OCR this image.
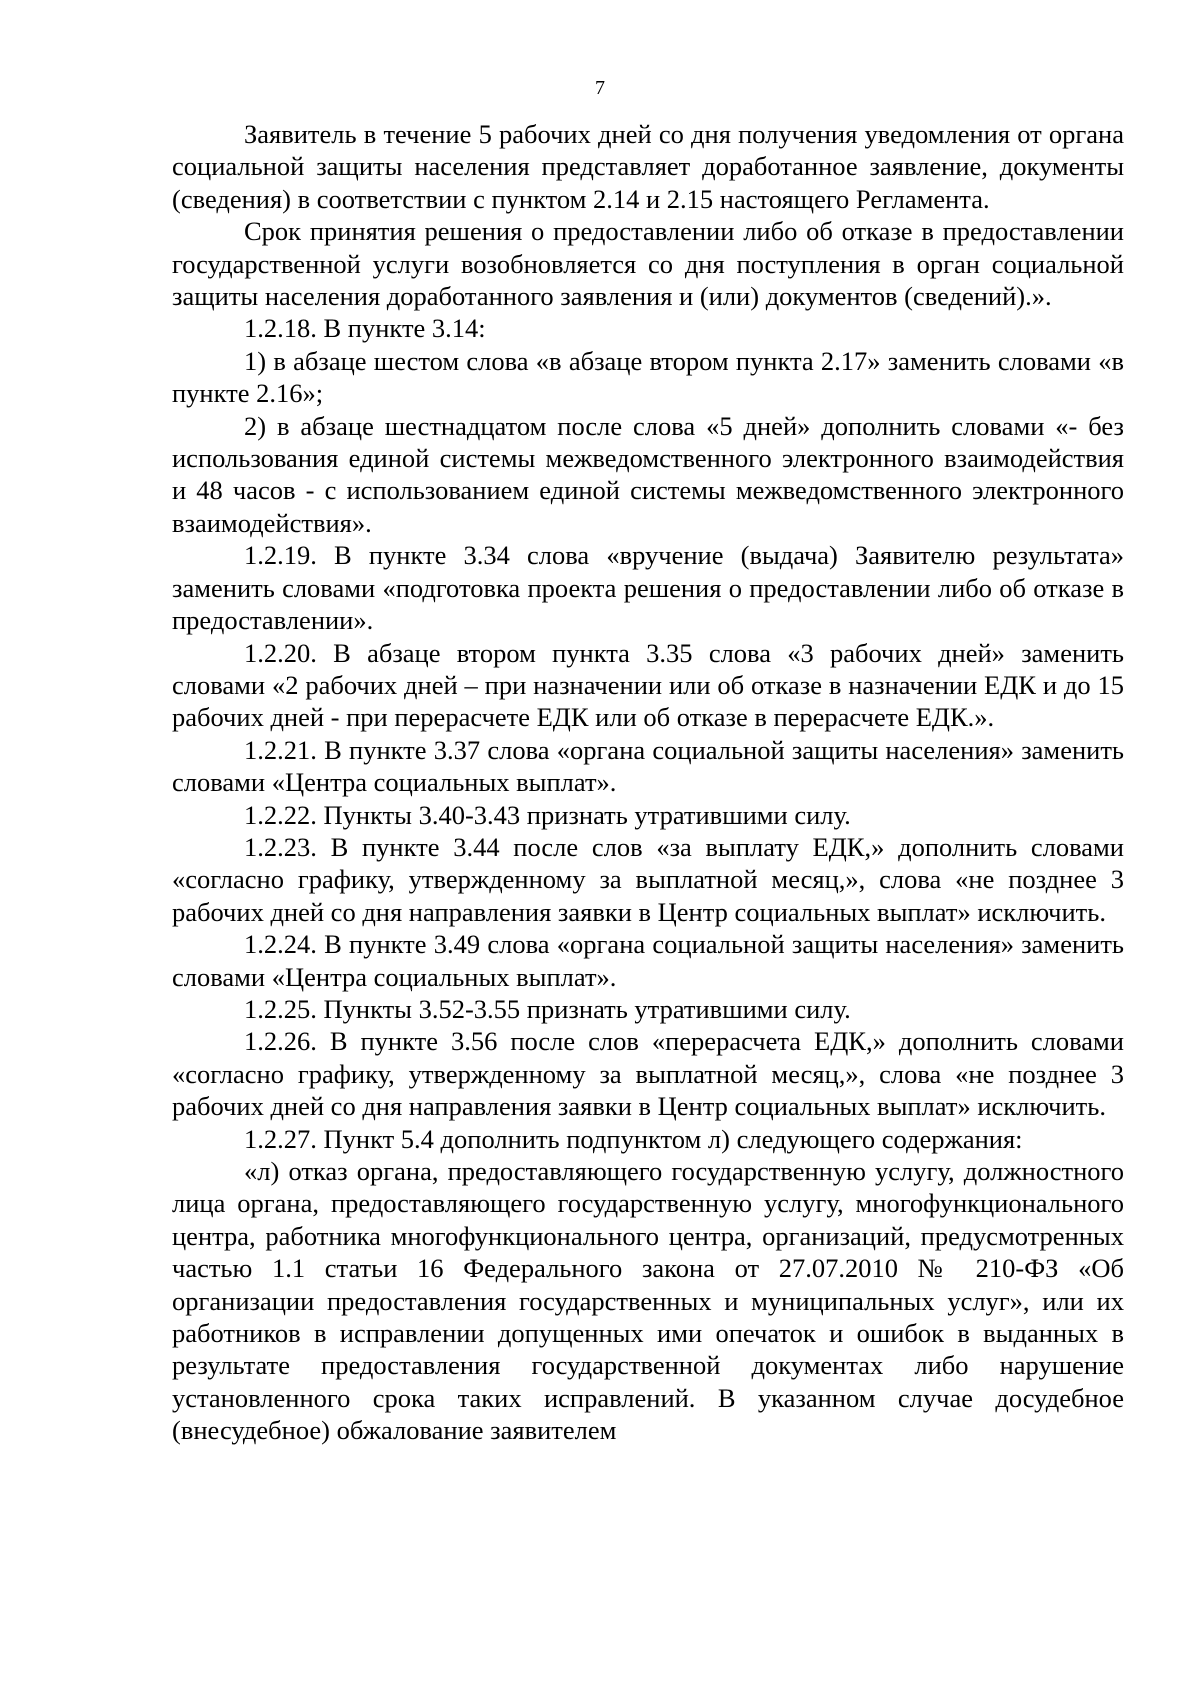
7

Заявитель в течение 5 рабочих дней со дня получения уведомления от органа социальной защиты населения представляет доработанное заявление, документы (сведения) в соответствии с пунктом 2.14 и 2.15 настоящего Регламента.

Срок принятия решения о предоставлении либо об отказе в предоставлении государственной услуги возобновляется со дня поступления в орган социальной защиты населения доработанного заявления и (или) документов (сведений).».

1.2.18. В пункте 3.14:

1) в абзаце шестом слова «в абзаце втором пункта 2.17» заменить словами «в пункте 2.16»;

2) в абзаце шестнадцатом после слова «5 дней» дополнить словами «- без использования единой системы межведомственного электронного взаимодействия и 48 часов - с использованием единой системы межведомственного электронного взаимодействия».

1.2.19. В пункте 3.34 слова «вручение (выдача) Заявителю результата» заменить словами «подготовка проекта решения о предоставлении либо об отказе в предоставлении».

1.2.20. В абзаце втором пункта 3.35 слова «3 рабочих дней» заменить словами «2 рабочих дней – при назначении или об отказе в назначении ЕДК и до 15 рабочих дней - при перерасчете ЕДК или об отказе в перерасчете ЕДК.».

1.2.21. В пункте 3.37 слова «органа социальной защиты населения» заменить словами «Центра социальных выплат».

1.2.22. Пункты 3.40-3.43 признать утратившими силу.

1.2.23. В пункте 3.44 после слов «за выплату ЕДК,» дополнить словами «согласно графику, утвержденному за выплатной месяц,», слова «не позднее 3 рабочих дней со дня направления заявки в Центр социальных выплат» исключить.

1.2.24. В пункте 3.49 слова «органа социальной защиты населения» заменить словами «Центра социальных выплат».

1.2.25. Пункты 3.52-3.55 признать утратившими силу.

1.2.26. В пункте 3.56 после слов «перерасчета ЕДК,» дополнить словами «согласно графику, утвержденному за выплатной месяц,», слова «не позднее 3 рабочих дней со дня направления заявки в Центр социальных выплат» исключить.

1.2.27. Пункт 5.4 дополнить подпунктом л) следующего содержания:

«л) отказ органа, предоставляющего государственную услугу, должностного лица органа, предоставляющего государственную услугу, многофункционального центра, работника многофункционального центра, организаций, предусмотренных частью 1.1 статьи 16 Федерального закона от 27.07.2010 № 210-ФЗ «Об организации предоставления государственных и муниципальных услуг», или их работников в исправлении допущенных ими опечаток и ошибок в выданных в результате предоставления государственной документах либо нарушение установленного срока таких исправлений. В указанном случае досудебное (внесудебное) обжалование заявителем
